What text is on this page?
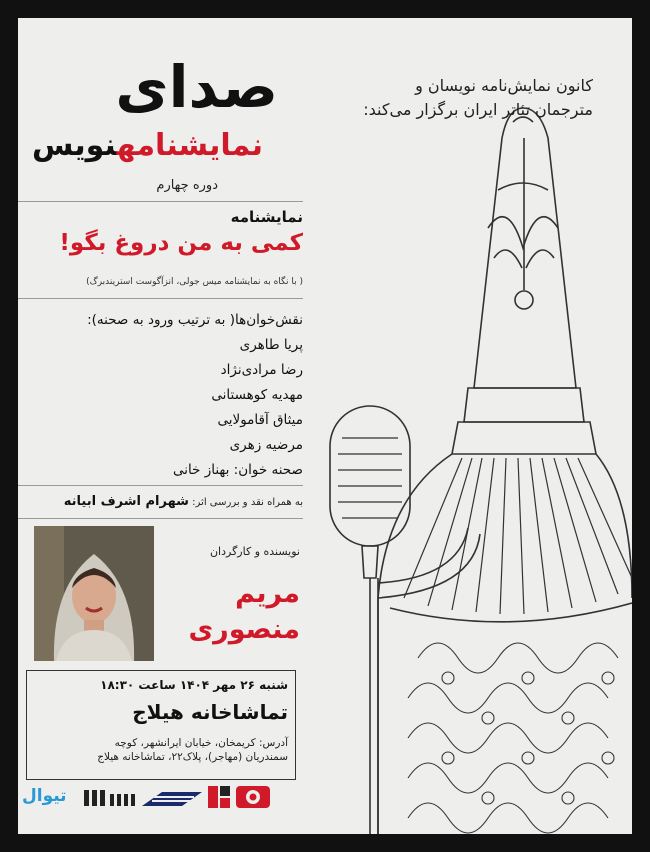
صدای
نمایشنامهنویس
دوره چهارم
کانون نمایش‌نامه نویسان و
مترجمان تئاتر ایران برگزار می‌کند:
نمایشنامه
کمی به من دروغ بگو!
( با نگاه به نمایشنامه میس جولی، انزآگوست استریندبرگ)
نقش‌خوان‌ها( به ترتیب ورود به صحنه):
پریا طاهری
رضا مرادی‌نژاد
مهدیه کوهستانی
میثاق آقامولایی
مرضیه زهری
صحنه خوان: بهناز خانی
به همراه نقد و بررسی اثر: شهرام اشرف ابیانه
نویسنده و کارگردان
مریم
منصوری
شنبه ۲۶ مهر ۱۴۰۴ ساعت ۱۸:۳۰
تماشاخانه هیلاج
آدرس: کریمخان، خیابان ایرانشهر، کوچه
سمندریان (مهاجر)، پلاک۲۲، تماشاخانه هیلاج
تیوال
